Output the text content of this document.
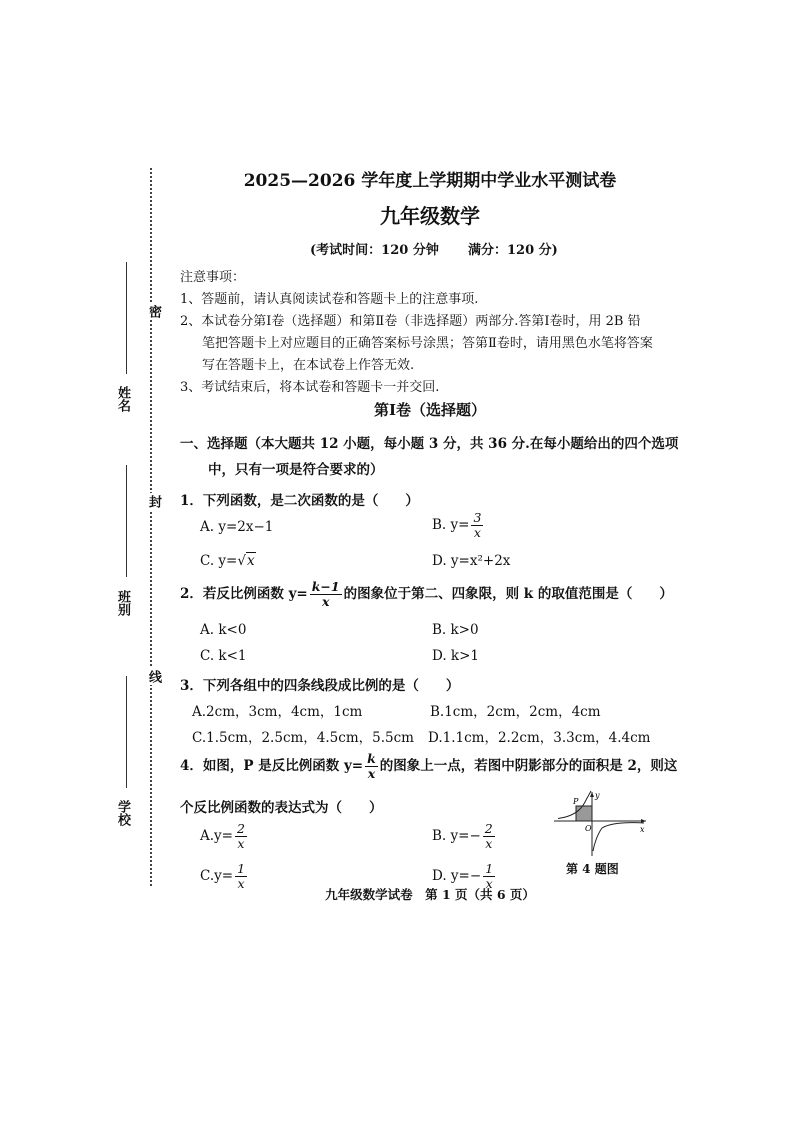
密
封
线
姓名
班别
学校
2025—2026 学年度上学期期中学业水平测试卷
九年级数学
(考试时间：120 分钟 满分：120 分)
注意事项：
1、答题前，请认真阅读试卷和答题卡上的注意事项.
2、本试卷分第Ⅰ卷（选择题）和第Ⅱ卷（非选择题）两部分.答第Ⅰ卷时，用 2B 铅
笔把答题卡上对应题目的正确答案标号涂黑；答第Ⅱ卷时，请用黑色水笔将答案
写在答题卡上，在本试卷上作答无效.
3、考试结束后，将本试卷和答题卡一并交回.
第Ⅰ卷（选择题）
一、选择题（本大题共 12 小题，每小题 3 分，共 36 分.在每小题给出的四个选项
中，只有一项是符合要求的）
1．下列函数，是二次函数的是（　　）
A. y=2x−1	B. $y= \frac{3}{x}$
C. y=√x	D. y=x²+2x
2．若反比例函数 $y= \frac{k-1}{x}$ 的图象位于第二、四象限，则 k 的取值范围是（　　）
A. k<0	B. k>0
C. k<1	D. k>1
3．下列各组中的四条线段成比例的是（　　）
A.2cm，3cm，4cm，1cm	B.1cm，2cm，2cm，4cm
C.1.5cm，2.5cm，4.5cm，5.5cm D.1.1cm，2.2cm，3.3cm，4.4cm
4．如图，P 是反比例函数 $y= \frac{k}{x}$ 的图象上一点，若图中阴影部分的面积是 2，则这
个反比例函数的表达式为（　　）
$A.y= \frac{2}{x}$	B. $y=- \frac{2}{x}$
$C.y= \frac{1}{x}$	D. $y=- \frac{1}{x}$
y
x
O
P
第 4 题图
九年级数学试卷　第 1 页（共 6 页）
